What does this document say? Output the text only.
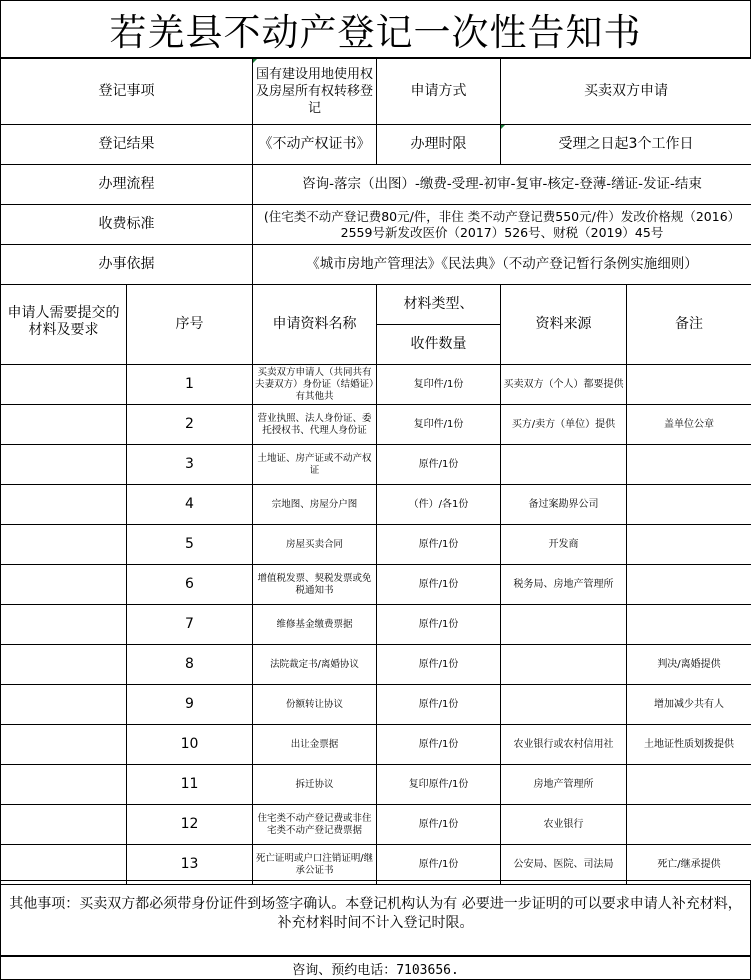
若羌县不动产登记一次性告知书
登记事项		国有建设用地使用权及房屋所有权转移登记	申请方式	买卖双方申请	
登记结果		《不动产权证书》	办理时限	受理之日起3个工作日	
办理流程		咨询-落宗（出图）-缴费-受理-初审-复审-核定-登薄-缮证-发证-结束			
收费标准		(住宅类不动产登记费80元/件，非住 类不动产登记费550元/件）发改价格规（2016）2559号新发改医价（2017）526号、财税（2019）45号			
办事依据		《城市房地产管理法》《民法典》（不动产登记暂行条例实施细则）			
申请人需要提交的材料及要求	序号	申请资料名称	材料类型、	资料来源	备注
			收件数量		
	1	买卖双方申请人（共同共有夫妻双方）身份证（结婚证）有其他共	复印件/1份	买卖双方（个人）都要提供	
	2	营业执照、法人身份证、委托授权书、代理人身份证	复印件/1份	买方/卖方（单位）提供	盖单位公章
	3	土地证、房产证或不动产权证	原件/1份		
	4	宗地图、房屋分户图	（件）/各1份	备过案勘界公司	
	5	房屋买卖合同	原件/1份	开发商	
	6	增值税发票、契税发票或免税通知书	原件/1份	税务局、房地产管理所	
	7	维修基金缴费票据	原件/1份		
	8	法院裁定书/离婚协议	原件/1份		判决/离婚提供
	9	份额转让协议	原件/1份		增加减少共有人
	10	出让金票据	原件/1份	农业银行或农村信用社	土地证性质划拨提供
	11	拆迁协议	复印原件/1份	房地产管理所	
	12	住宅类不动产登记费或非住宅类不动产登记费票据	原件/1份	农业银行	
	13	死亡证明或户口注销证明/继承公证书	原件/1份	公安局、医院、司法局	死亡/继承提供
其他事项：买卖双方都必须带身份证件到场签字确认。本登记机构认为有 必要进一步证明的可以要求申请人补充材料，补充材料时间不计入登记时限。
咨询、预约电话：7103656.
